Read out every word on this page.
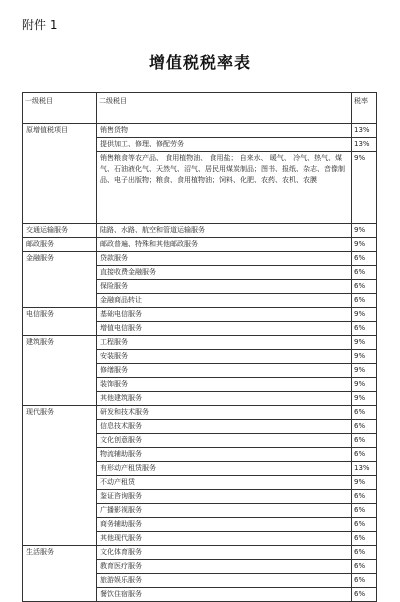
附件 1
增值税税率表
一级税目	二级税目	税率
原增值税项目	销售货物	13%
	提供加工、修理、修配劳务	13%
	销售粮食等农产品、 食用植物油、 食用盐； 自来水、 暖气、 冷气、热气、煤气、石油液化气、天然气、沼气、居民用煤炭制品；图书、报纸、杂志、音像制品、电子出版物；粮食、食用植物油；饲料、化肥、农药、农机、农膜	9%
交通运输服务	陆路、水路、航空和管道运输服务	9%
邮政服务	邮政普遍、特殊和其他邮政服务	9%
金融服务	贷款服务	6%
	直接收费金融服务	6%
	保险服务	6%
	金融商品转让	6%
电信服务	基础电信服务	9%
	增值电信服务	6%
建筑服务	工程服务	9%
	安装服务	9%
	修缮服务	9%
	装饰服务	9%
	其他建筑服务	9%
现代服务	研发和技术服务	6%
	信息技术服务	6%
	文化创意服务	6%
	物流辅助服务	6%
	有形动产租赁服务	13%
	不动产租赁	9%
	鉴证咨询服务	6%
	广播影视服务	6%
	商务辅助服务	6%
	其他现代服务	6%
生活服务	文化体育服务	6%
	教育医疗服务	6%
	旅游娱乐服务	6%
	餐饮住宿服务	6%
